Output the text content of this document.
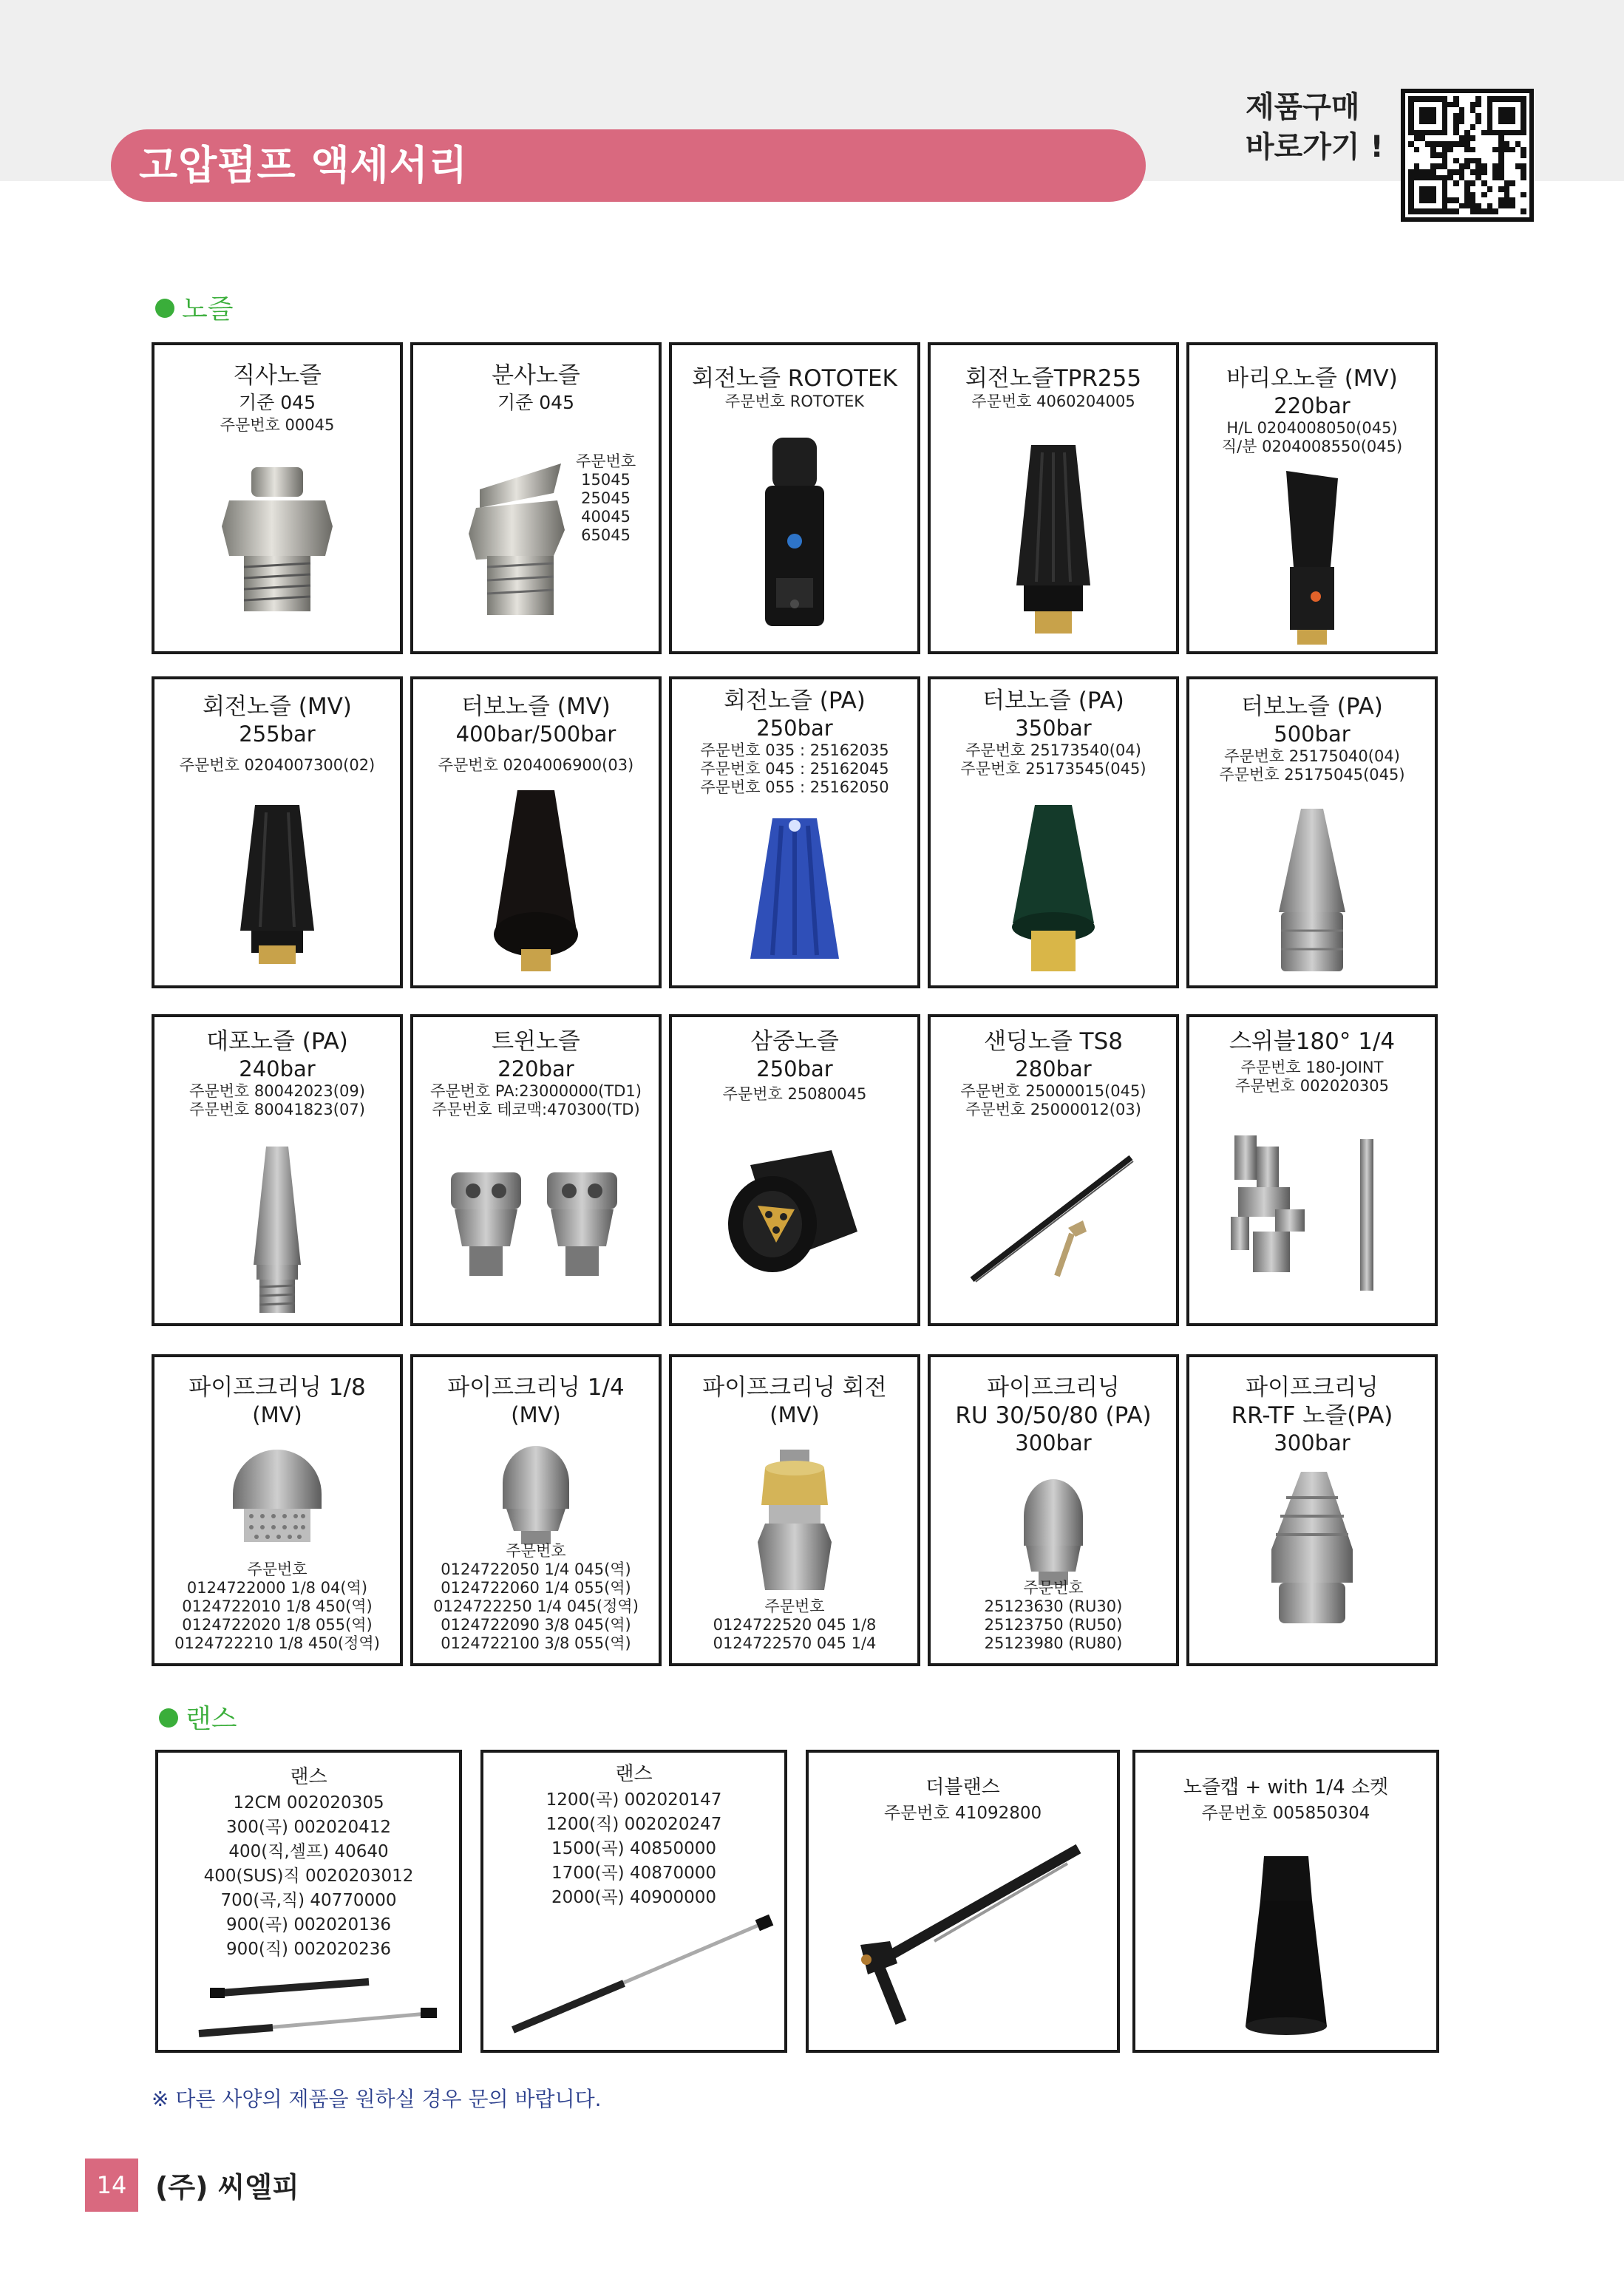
고압펌프 액세서리
제품구매
바로가기 !
노즐
랜스
직사노즐
기준 045
주문번호 00045
분사노즐
기준 045
주문번호
15045
25045
40045
65045
회전노즐 ROTOTEK
주문번호 ROTOTEK
회전노즐TPR255
주문번호 4060204005
바리오노즐 (MV)
220bar
H/L 0204008050(045)
직/분 0204008550(045)
회전노즐 (MV)
255bar
주문번호 0204007300(02)
터보노즐 (MV)
400bar/500bar
주문번호 0204006900(03)
회전노즐 (PA)
250bar
주문번호 035 : 25162035
주문번호 045 : 25162045
주문번호 055 : 25162050
터보노즐 (PA)
350bar
주문번호 25173540(04)
주문번호 25173545(045)
터보노즐 (PA)
500bar
주문번호 25175040(04)
주문번호 25175045(045)
대포노즐 (PA)
240bar
주문번호 80042023(09)
주문번호 80041823(07)
트윈노즐
220bar
주문번호 PA:23000000(TD1)
주문번호 테코맥:470300(TD)
삼중노즐
250bar
주문번호 25080045
샌딩노즐 TS8
280bar
주문번호 25000015(045)
주문번호 25000012(03)
스위블180° 1/4
주문번호 180-JOINT
주문번호 002020305
파이프크리닝 1/8
(MV)
주문번호
0124722000 1/8 04(역)
0124722010 1/8 450(역)
0124722020 1/8 055(역)
0124722210 1/8 450(정역)
파이프크리닝 1/4
(MV)
주문번호
0124722050 1/4 045(역)
0124722060 1/4 055(역)
0124722250 1/4 045(정역)
0124722090 3/8 045(역)
0124722100 3/8 055(역)
파이프크리닝 회전
(MV)
주문번호
0124722520 045 1/8
0124722570 045 1/4
파이프크리닝
RU 30/50/80 (PA)
300bar
주문번호
25123630 (RU30)
25123750 (RU50)
25123980 (RU80)
파이프크리닝
RR-TF 노즐(PA)
300bar
랜스
12CM 002020305
300(곡) 002020412
400(직,셀프) 40640
400(SUS)직 0020203012
700(곡,직) 40770000
900(곡) 002020136
900(직) 002020236
랜스
1200(곡) 002020147
1200(직) 002020247
1500(곡) 40850000
1700(곡) 40870000
2000(곡) 40900000
더블랜스
주문번호 41092800
노즐캡 + with 1/4 소켓
주문번호 005850304
※ 다른 사양의 제품을 원하실 경우 문의 바랍니다.
14	(주) 씨엘피
